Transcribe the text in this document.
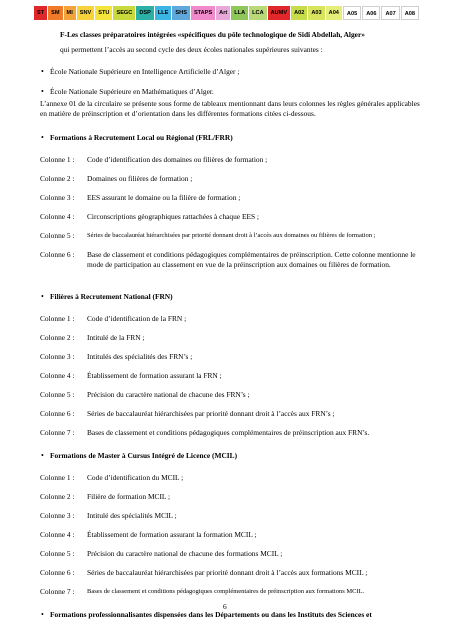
ST	SM	MI	SNV	STU	SEGC	DSP	LLE	SHS	STAPS	Art	LLA	LCA	AUMV	A02	A03	A04	A05	A06	A07	A08
F-Les classes préparatoires intégrées «spécifiques du pôle technologique de Sidi Abdellah, Alger»
qui permettent l’accès au second cycle des deux écoles nationales supérieures suivantes :
• École Nationale Supérieure en Intelligence Artificielle d’Alger ;
• École Nationale Supérieure en Mathématiques d’Alger.
L’annexe 01 de la circulaire se présente sous forme de tableaux mentionnant dans leurs colonnes les règles générales applicables en matière de préinscription et d’orientation dans les différentes formations citées ci-dessous.
• Formations à Recrutement Local ou Régional (FRL/FRR)
Colonne 1 : Code d’identification des domaines ou filières de formation ;
Colonne 2 : Domaines ou filières de formation ;
Colonne 3 : EES assurant le domaine ou la filière de formation ;
Colonne 4 : Circonscriptions géographiques rattachées à chaque EES ;
Colonne 5 : Séries de baccalauréat hiérarchisées par priorité donnant droit à l’accès aux domaines ou filières de formation ;
Colonne 6 : Base de classement et conditions pédagogiques complémentaires de préinscription. Cette colonne mentionne le mode de participation au classement en vue de la préinscription aux domaines ou filières de formation.
• Filières à Recrutement National (FRN)
Colonne 1 : Code d’identification de la FRN ;
Colonne 2 : Intitulé de la FRN ;
Colonne 3 : Intitulés des spécialités des FRN’s ;
Colonne 4 : Établissement de formation assurant la FRN ;
Colonne 5 : Précision du caractère national de chacune des FRN’s ;
Colonne 6 : Séries de baccalauréat hiérarchisées par priorité donnant droit à l’accès aux FRN’s ;
Colonne 7 : Bases de classement et conditions pédagogiques complémentaires de préinscription aux FRN’s.
• Formations de Master à Cursus Intégré de Licence (MCIL)
Colonne 1 : Code d’identification du MCIL ;
Colonne 2 : Filière de formation MCIL ;
Colonne 3 : Intitulé des spécialités MCIL ;
Colonne 4 : Établissement de formation assurant la formation MCIL ;
Colonne 5 : Précision du caractère national de chacune des formations MCIL ;
Colonne 6 : Séries de baccalauréat hiérarchisées par priorité donnant droit à l’accès aux formations MCIL ;
Colonne 7 : Bases de classement et conditions pédagogiques complémentaires de préinscription aux formations MCIL.
• Formations professionnalisantes dispensées dans les Départements ou dans les Instituts des Sciences et
6
